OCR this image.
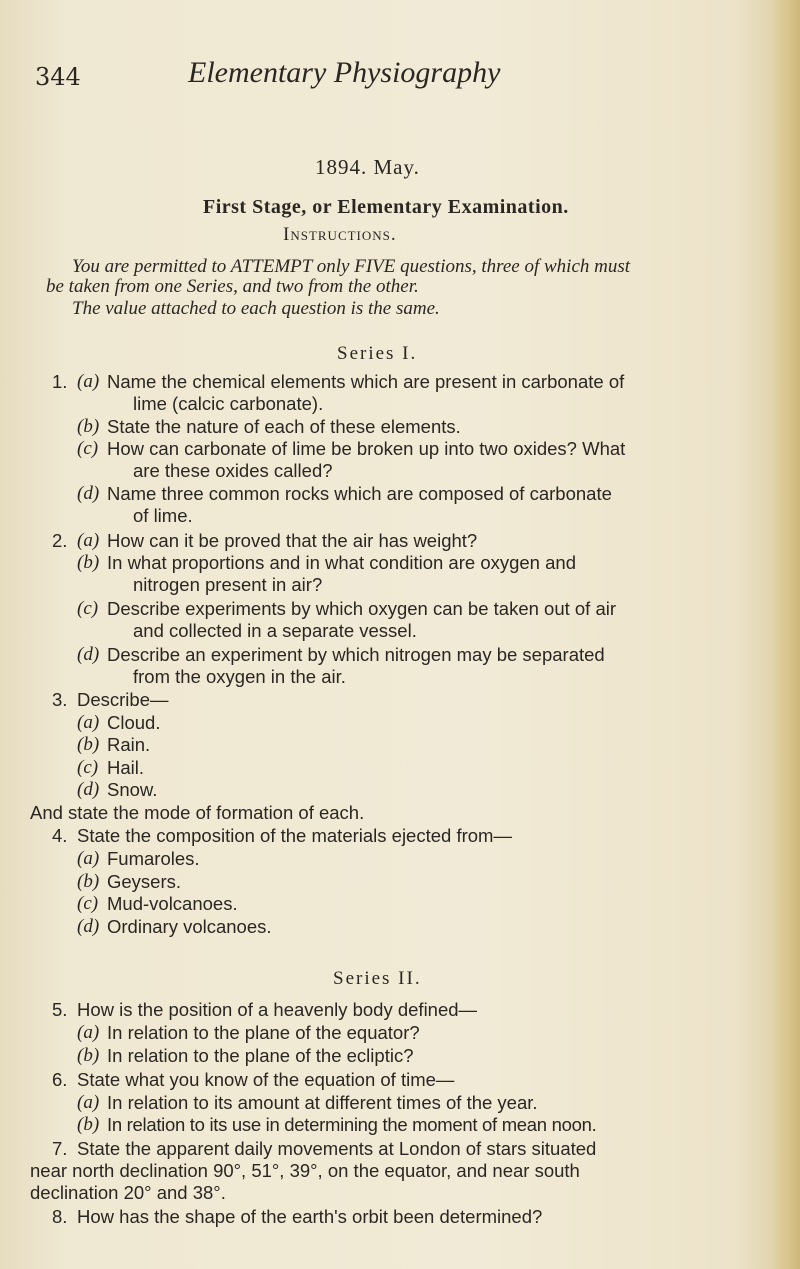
344	Elementary Physiography
1894. May.
First Stage, or Elementary Examination.
Instructions.
You are permitted to ATTEMPT only FIVE questions, three of which must
be taken from one Series, and two from the other.
The value attached to each question is the same.
Series I.
1. (a) Name the chemical elements which are present in carbonate of
lime (calcic carbonate).
(b) State the nature of each of these elements.
(c) How can carbonate of lime be broken up into two oxides? What
are these oxides called?
(d) Name three common rocks which are composed of carbonate
of lime.
2. (a) How can it be proved that the air has weight?
(b) In what proportions and in what condition are oxygen and
nitrogen present in air?
(c) Describe experiments by which oxygen can be taken out of air
and collected in a separate vessel.
(d) Describe an experiment by which nitrogen may be separated
from the oxygen in the air.
3. Describe—
(a) Cloud.
(b) Rain.
(c) Hail.
(d) Snow.
And state the mode of formation of each.
4. State the composition of the materials ejected from—
(a) Fumaroles.
(b) Geysers.
(c) Mud-volcanoes.
(d) Ordinary volcanoes.
Series II.
5. How is the position of a heavenly body defined—
(a) In relation to the plane of the equator?
(b) In relation to the plane of the ecliptic?
6. State what you know of the equation of time—
(a) In relation to its amount at different times of the year.
(b) In relation to its use in determining the moment of mean noon.
7. State the apparent daily movements at London of stars situated
near north declination 90°, 51°, 39°, on the equator, and near south
declination 20° and 38°.
8. How has the shape of the earth's orbit been determined?
